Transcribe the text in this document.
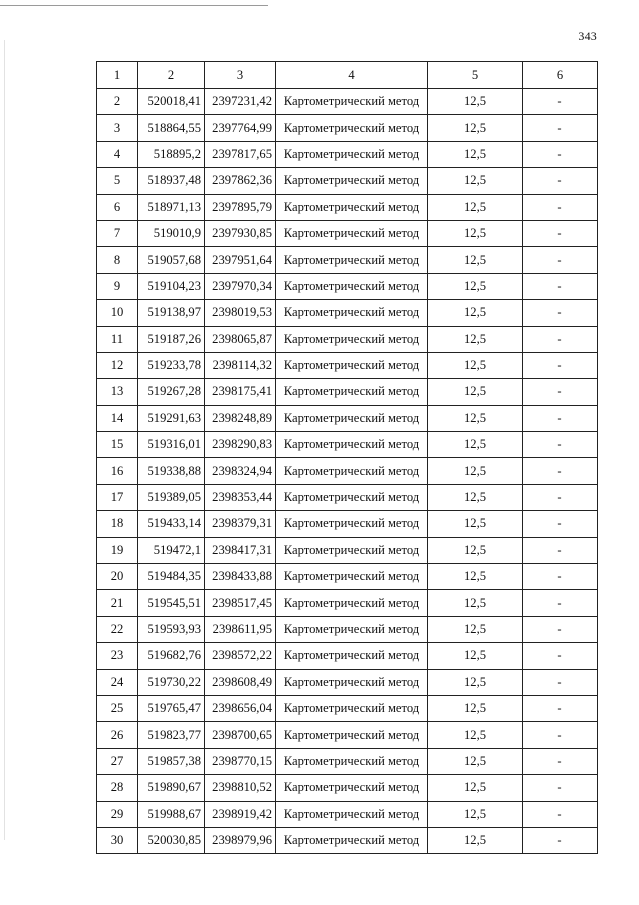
343
1	2	3	4	5	6
2	520018,41	2397231,42	Картометрический метод	12,5	-
3	518864,55	2397764,99	Картометрический метод	12,5	-
4	518895,2	2397817,65	Картометрический метод	12,5	-
5	518937,48	2397862,36	Картометрический метод	12,5	-
6	518971,13	2397895,79	Картометрический метод	12,5	-
7	519010,9	2397930,85	Картометрический метод	12,5	-
8	519057,68	2397951,64	Картометрический метод	12,5	-
9	519104,23	2397970,34	Картометрический метод	12,5	-
10	519138,97	2398019,53	Картометрический метод	12,5	-
11	519187,26	2398065,87	Картометрический метод	12,5	-
12	519233,78	2398114,32	Картометрический метод	12,5	-
13	519267,28	2398175,41	Картометрический метод	12,5	-
14	519291,63	2398248,89	Картометрический метод	12,5	-
15	519316,01	2398290,83	Картометрический метод	12,5	-
16	519338,88	2398324,94	Картометрический метод	12,5	-
17	519389,05	2398353,44	Картометрический метод	12,5	-
18	519433,14	2398379,31	Картометрический метод	12,5	-
19	519472,1	2398417,31	Картометрический метод	12,5	-
20	519484,35	2398433,88	Картометрический метод	12,5	-
21	519545,51	2398517,45	Картометрический метод	12,5	-
22	519593,93	2398611,95	Картометрический метод	12,5	-
23	519682,76	2398572,22	Картометрический метод	12,5	-
24	519730,22	2398608,49	Картометрический метод	12,5	-
25	519765,47	2398656,04	Картометрический метод	12,5	-
26	519823,77	2398700,65	Картометрический метод	12,5	-
27	519857,38	2398770,15	Картометрический метод	12,5	-
28	519890,67	2398810,52	Картометрический метод	12,5	-
29	519988,67	2398919,42	Картометрический метод	12,5	-
30	520030,85	2398979,96	Картометрический метод	12,5	-
